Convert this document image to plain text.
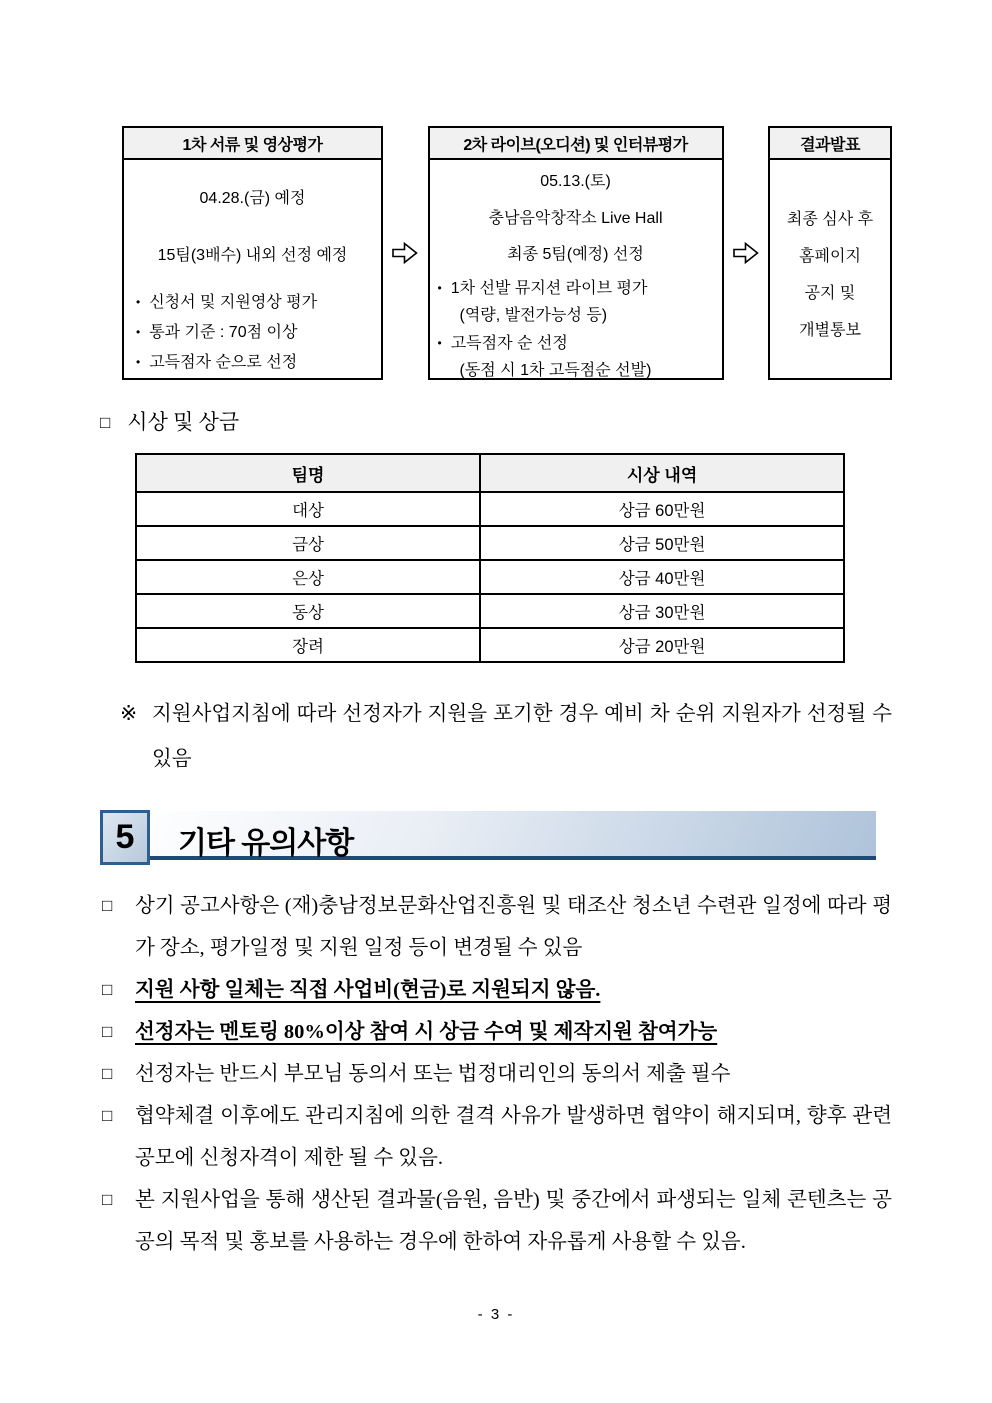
1차 서류 및 영상평가
04.28.(금) 예정
15팀(3배수) 내외 선정 예정
• 신청서 및 지원영상 평가
• 통과 기준 : 70점 이상
• 고득점자 순으로 선정
2차 라이브(오디션) 및 인터뷰평가
05.13.(토)
충남음악창작소 Live Hall
최종 5팀(예정) 선정
• 1차 선발 뮤지션 라이브 평가
(역량, 발전가능성 등)
• 고득점자 순 선정
(동점 시 1차 고득점순 선발)
결과발표
최종 심사 후
홈페이지
공지 및
개별통보
□ 시상 및 상금
팀명	시상 내역
대상	상금 60만원
금상	상금 50만원
은상	상금 40만원
동상	상금 30만원
장려	상금 20만원
※ 지원사업지침에 따라 선정자가 지원을 포기한 경우 예비 차 순위 지원자가 선정될 수 있음
5	기타 유의사항
□ 상기 공고사항은 (재)충남정보문화산업진흥원 및 태조산 청소년 수련관 일정에 따라 평가 장소, 평가일정 및 지원 일정 등이 변경될 수 있음
□ 지원 사항 일체는 직접 사업비(현금)로 지원되지 않음.
□ 선정자는 멘토링 80%이상 참여 시 상금 수여 및 제작지원 참여가능
□ 선정자는 반드시 부모님 동의서 또는 법정대리인의 동의서 제출 필수
□ 협약체결 이후에도 관리지침에 의한 결격 사유가 발생하면 협약이 해지되며, 향후 관련 공모에 신청자격이 제한 될 수 있음.
□ 본 지원사업을 통해 생산된 결과물(음원, 음반) 및 중간에서 파생되는 일체 콘텐츠는 공공의 목적 및 홍보를 사용하는 경우에 한하여 자유롭게 사용할 수 있음.
- 3 -
